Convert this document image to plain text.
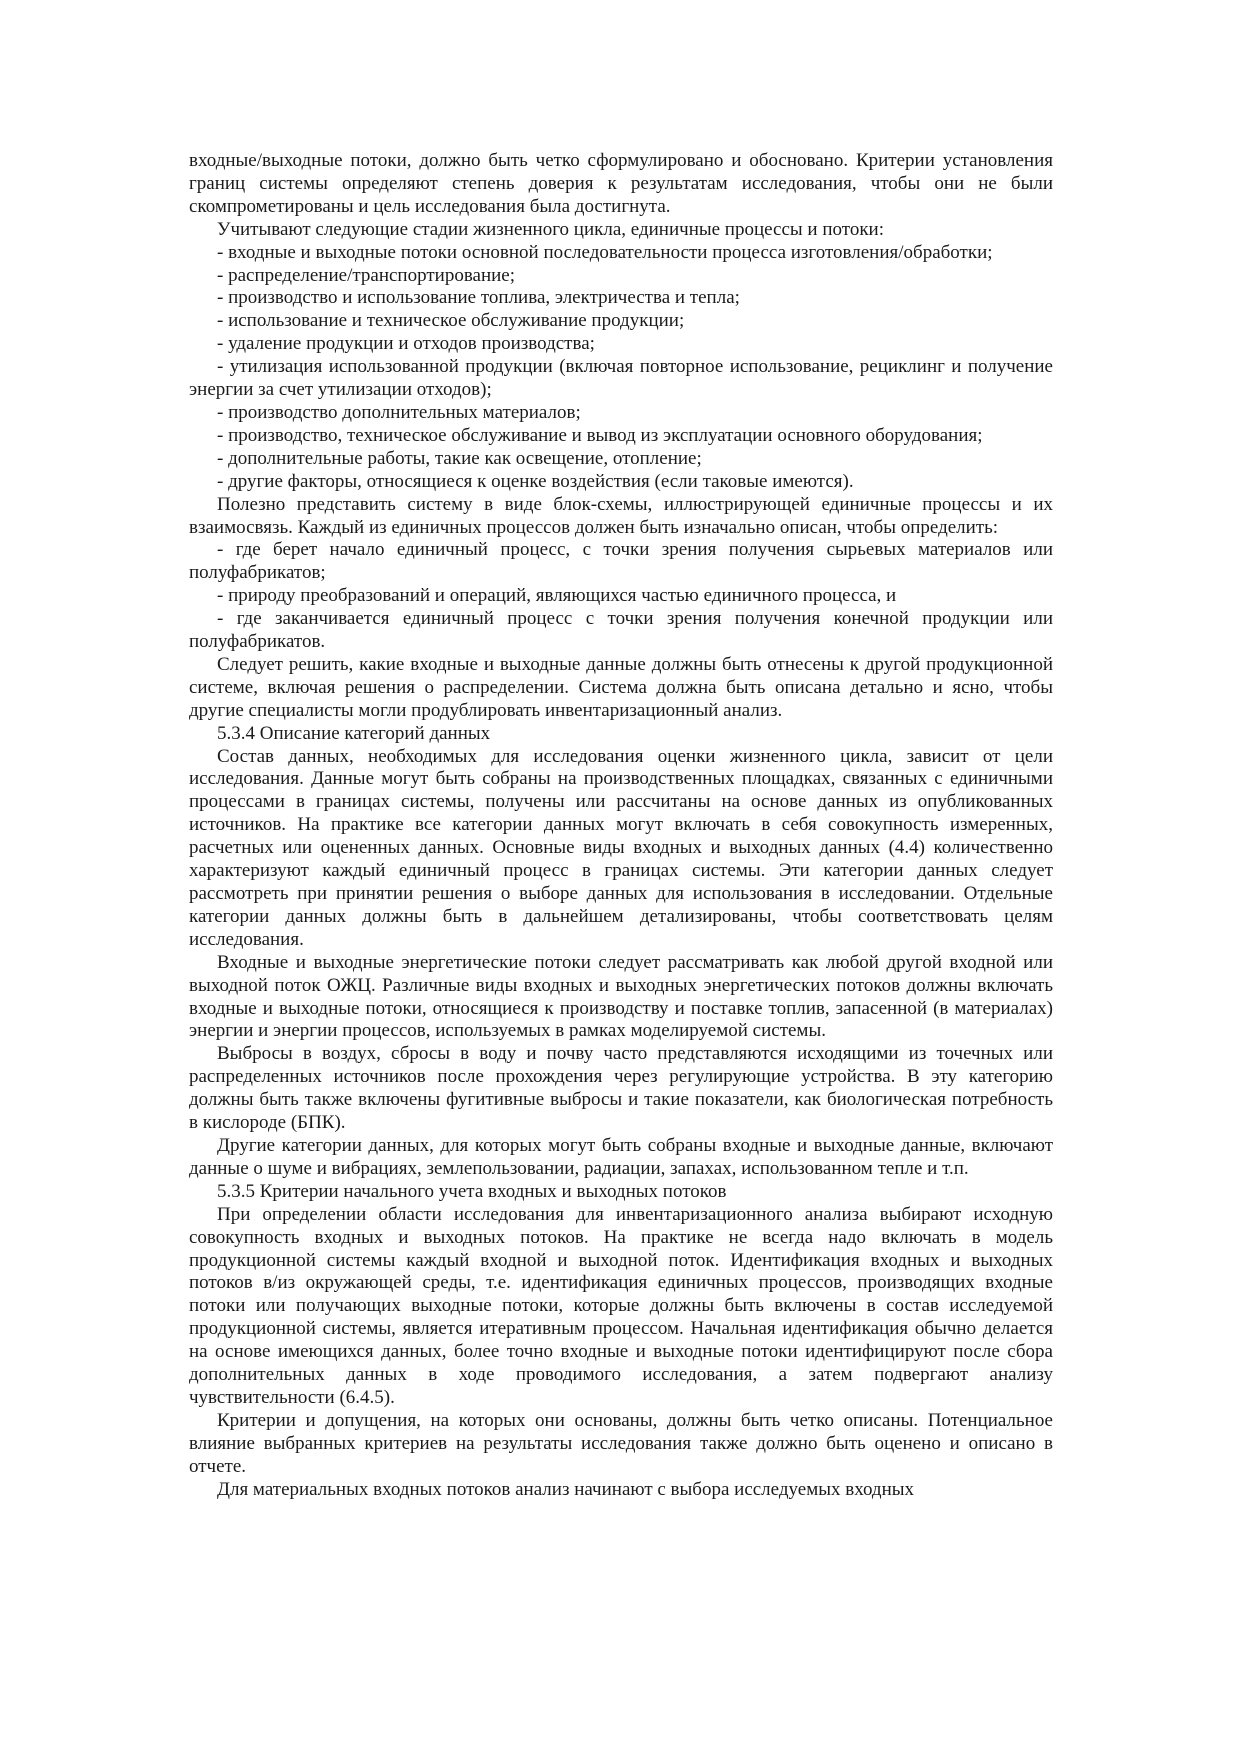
входные/выходные потоки, должно быть четко сформулировано и обосновано. Критерии установления границ системы определяют степень доверия к результатам исследования, чтобы они не были скомпрометированы и цель исследования была достигнута.

Учитывают следующие стадии жизненного цикла, единичные процессы и потоки:

- входные и выходные потоки основной последовательности процесса изготовления/обработки;

- распределение/транспортирование;

- производство и использование топлива, электричества и тепла;

- использование и техническое обслуживание продукции;

- удаление продукции и отходов производства;

- утилизация использованной продукции (включая повторное использование, рециклинг и получение энергии за счет утилизации отходов);

- производство дополнительных материалов;

- производство, техническое обслуживание и вывод из эксплуатации основного оборудования;

- дополнительные работы, такие как освещение, отопление;

- другие факторы, относящиеся к оценке воздействия (если таковые имеются).

Полезно представить систему в виде блок-схемы, иллюстрирующей единичные процессы и их взаимосвязь. Каждый из единичных процессов должен быть изначально описан, чтобы определить:

- где берет начало единичный процесс, с точки зрения получения сырьевых материалов или полуфабрикатов;

- природу преобразований и операций, являющихся частью единичного процесса, и

- где заканчивается единичный процесс с точки зрения получения конечной продукции или полуфабрикатов.

Следует решить, какие входные и выходные данные должны быть отнесены к другой продукционной системе, включая решения о распределении. Система должна быть описана детально и ясно, чтобы другие специалисты могли продублировать инвентаризационный анализ.

5.3.4 Описание категорий данных

Состав данных, необходимых для исследования оценки жизненного цикла, зависит от цели исследования. Данные могут быть собраны на производственных площадках, связанных с единичными процессами в границах системы, получены или рассчитаны на основе данных из опубликованных источников. На практике все категории данных могут включать в себя совокупность измеренных, расчетных или оцененных данных. Основные виды входных и выходных данных (4.4) количественно характеризуют каждый единичный процесс в границах системы. Эти категории данных следует рассмотреть при принятии решения о выборе данных для использования в исследовании. Отдельные категории данных должны быть в дальнейшем детализированы, чтобы соответствовать целям исследования.

Входные и выходные энергетические потоки следует рассматривать как любой другой входной или выходной поток ОЖЦ. Различные виды входных и выходных энергетических потоков должны включать входные и выходные потоки, относящиеся к производству и поставке топлив, запасенной (в материалах) энергии и энергии процессов, используемых в рамках моделируемой системы.

Выбросы в воздух, сбросы в воду и почву часто представляются исходящими из точечных или распределенных источников после прохождения через регулирующие устройства. В эту категорию должны быть также включены фугитивные выбросы и такие показатели, как биологическая потребность в кислороде (БПК).

Другие категории данных, для которых могут быть собраны входные и выходные данные, включают данные о шуме и вибрациях, землепользовании, радиации, запахах, использованном тепле и т.п.

5.3.5 Критерии начального учета входных и выходных потоков

При определении области исследования для инвентаризационного анализа выбирают исходную совокупность входных и выходных потоков. На практике не всегда надо включать в модель продукционной системы каждый входной и выходной поток. Идентификация входных и выходных потоков в/из окружающей среды, т.е. идентификация единичных процессов, производящих входные потоки или получающих выходные потоки, которые должны быть включены в состав исследуемой продукционной системы, является итеративным процессом. Начальная идентификация обычно делается на основе имеющихся данных, более точно входные и выходные потоки идентифицируют после сбора дополнительных данных в ходе проводимого исследования, а затем подвергают анализу чувствительности (6.4.5).

Критерии и допущения, на которых они основаны, должны быть четко описаны. Потенциальное влияние выбранных критериев на результаты исследования также должно быть оценено и описано в отчете.

Для материальных входных потоков анализ начинают с выбора исследуемых входных
